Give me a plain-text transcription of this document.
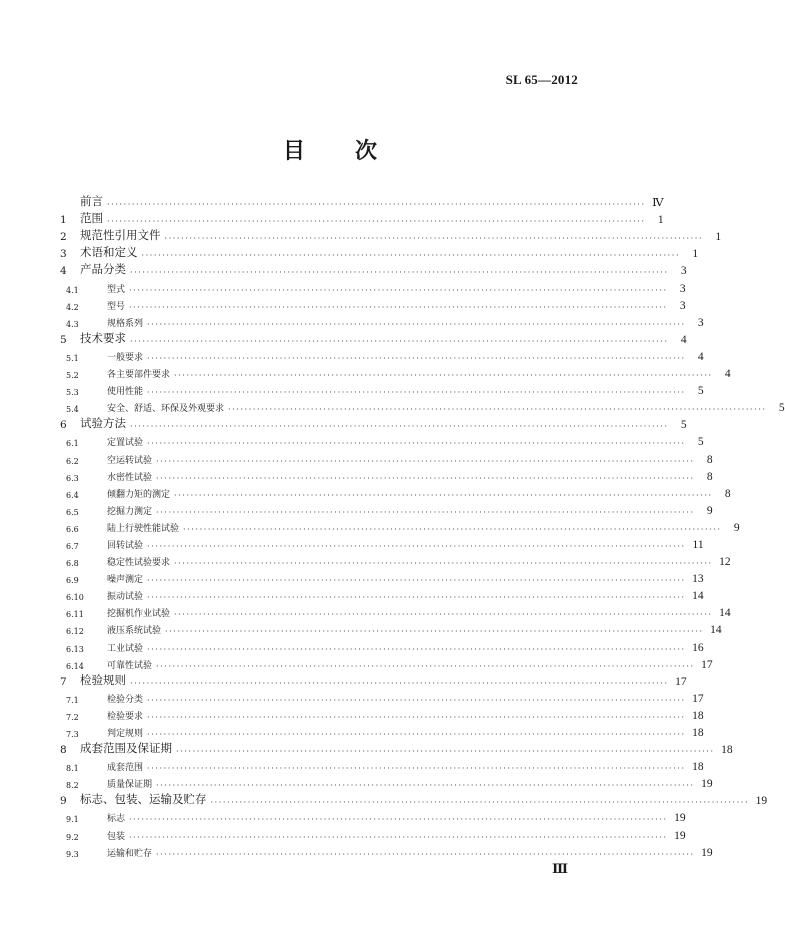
SL 65—2012
目　　次
前言 ·································································································································· Ⅳ
1	范围 ··································································································································	1
2	规范性引用文件 ··································································································································	1
3	术语和定义 ··································································································································	1
4	产品分类 ··································································································································	3
4.1	型式 ··································································································································	3
4.2	型号 ··································································································································	3
4.3	规格系列 ··································································································································	3
5	技术要求 ··································································································································	4
5.1	一般要求 ··································································································································	4
5.2	各主要部件要求 ··································································································································	4
5.3	使用性能 ··································································································································	5
5.4	安全、舒适、环保及外观要求 ··································································································································	5
6	试验方法 ··································································································································	5
6.1	定置试验 ··································································································································	5
6.2	空运转试验 ··································································································································	8
6.3	水密性试验 ··································································································································	8
6.4	倾翻力矩的测定 ··································································································································	8
6.5	挖掘力测定 ··································································································································	9
6.6	陆上行驶性能试验 ··································································································································	9
6.7	回转试验 ·································································································································· 11
6.8	稳定性试验要求 ·································································································································· 12
6.9	噪声测定 ·································································································································· 13
6.10	振动试验 ·································································································································· 14
6.11	挖掘机作业试验 ·································································································································· 14
6.12	液压系统试验 ·································································································································· 14
6.13	工业试验 ·································································································································· 16
6.14	可靠性试验 ·································································································································· 17
7	检验规则 ·································································································································· 17
7.1	检验分类 ·································································································································· 17
7.2	检验要求 ·································································································································· 18
7.3	判定规则 ·································································································································· 18
8	成套范围及保证期 ·································································································································· 18
8.1	成套范围 ·································································································································· 18
8.2	质量保证期 ·································································································································· 19
9	标志、包装、运输及贮存 ·································································································································· 19
9.1	标志 ·································································································································· 19
9.2	包装 ·································································································································· 19
9.3	运输和贮存 ·································································································································· 19
Ⅲ
